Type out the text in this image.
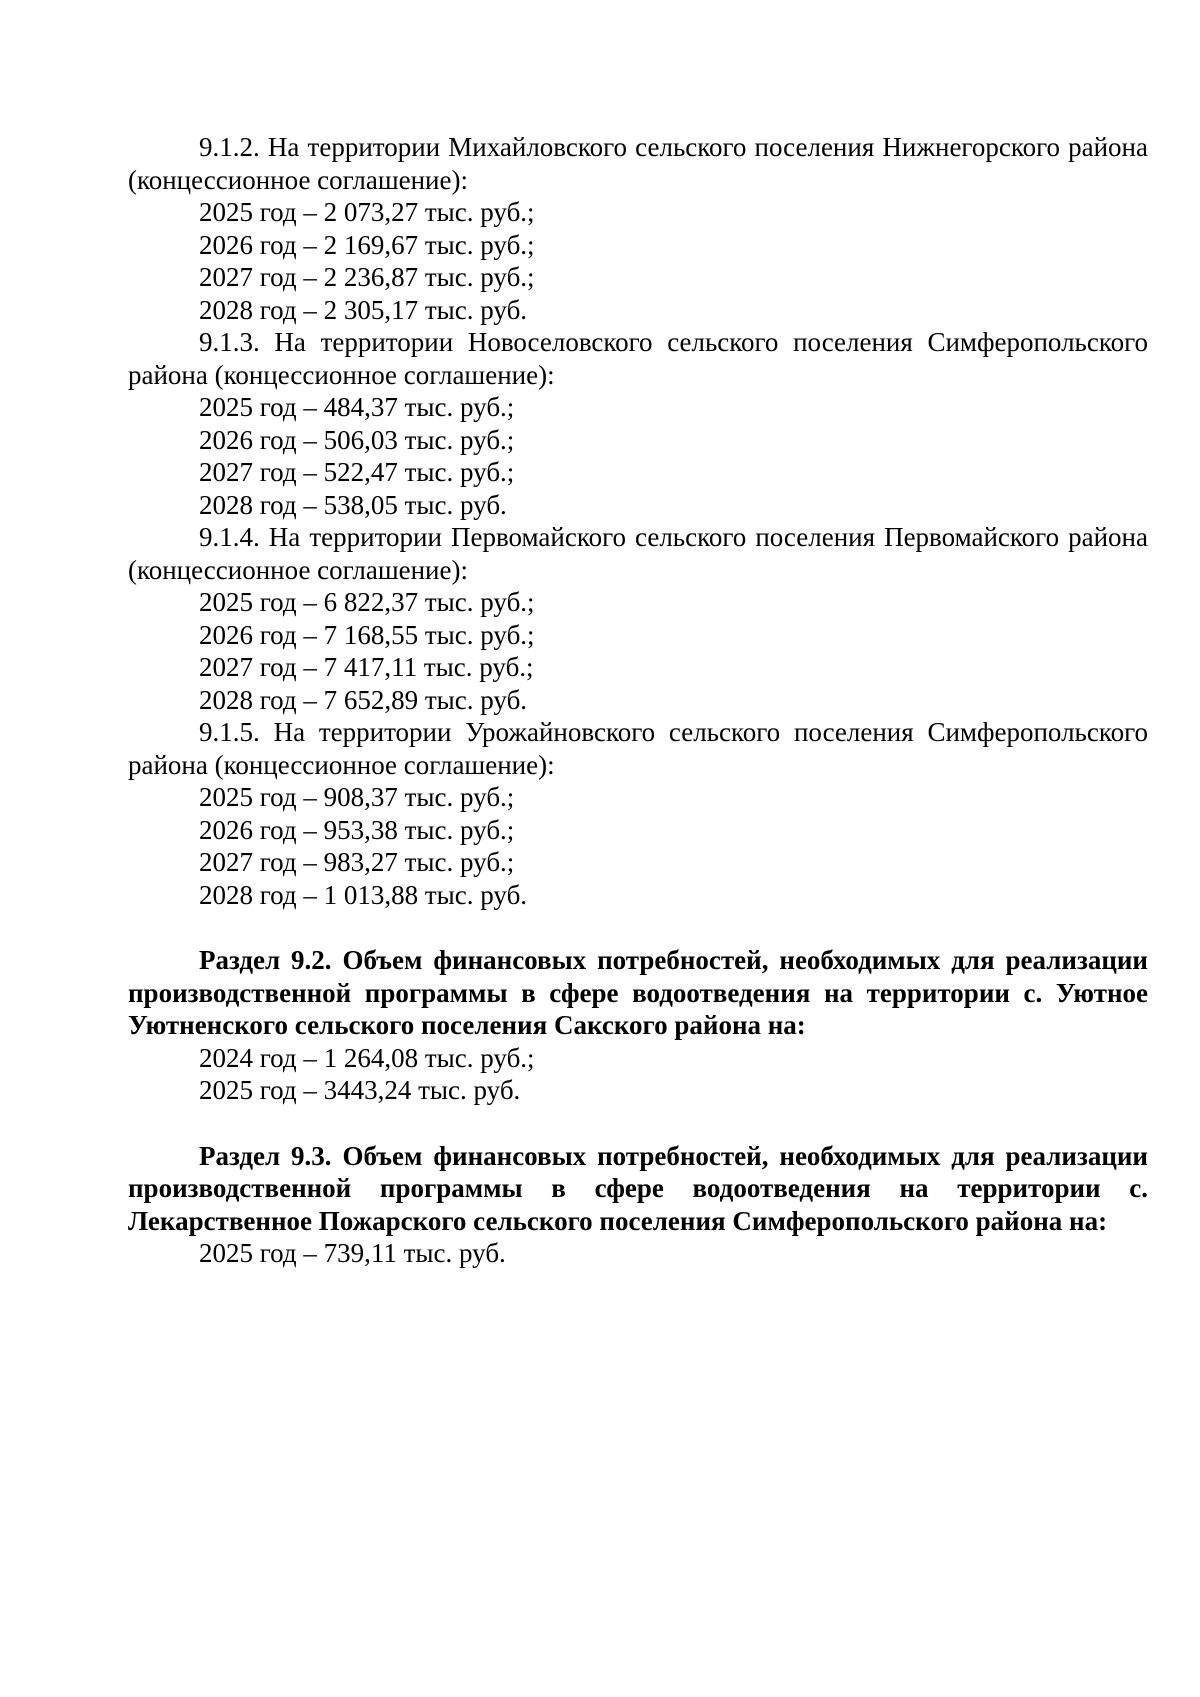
9.1.2. На территории Михайловского сельского поселения Нижнегорского района (концессионное соглашение):

2025 год – 2 073,27 тыс. руб.;

2026 год – 2 169,67 тыс. руб.;

2027 год – 2 236,87 тыс. руб.;

2028 год – 2 305,17 тыс. руб.

9.1.3. На территории Новоселовского сельского поселения Симферопольского района (концессионное соглашение):

2025 год – 484,37 тыс. руб.;

2026 год – 506,03 тыс. руб.;

2027 год – 522,47 тыс. руб.;

2028 год – 538,05 тыс. руб.

9.1.4. На территории Первомайского сельского поселения Первомайского района (концессионное соглашение):

2025 год – 6 822,37 тыс. руб.;

2026 год – 7 168,55 тыс. руб.;

2027 год – 7 417,11 тыс. руб.;

2028 год – 7 652,89 тыс. руб.

9.1.5. На территории Урожайновского сельского поселения Симферопольского района (концессионное соглашение):

2025 год – 908,37 тыс. руб.;

2026 год – 953,38 тыс. руб.;

2027 год – 983,27 тыс. руб.;

2028 год – 1 013,88 тыс. руб.

Раздел 9.2. Объем финансовых потребностей, необходимых для реализации производственной программы в сфере водоотведения на территории с. Уютное Уютненского сельского поселения Сакского района на:

2024 год – 1 264,08 тыс. руб.;

2025 год – 3443,24 тыс. руб.

Раздел 9.3. Объем финансовых потребностей, необходимых для реализации производственной программы в сфере водоотведения на территории с. Лекарственное Пожарского сельского поселения Симферопольского района на:

2025 год – 739,11 тыс. руб.
